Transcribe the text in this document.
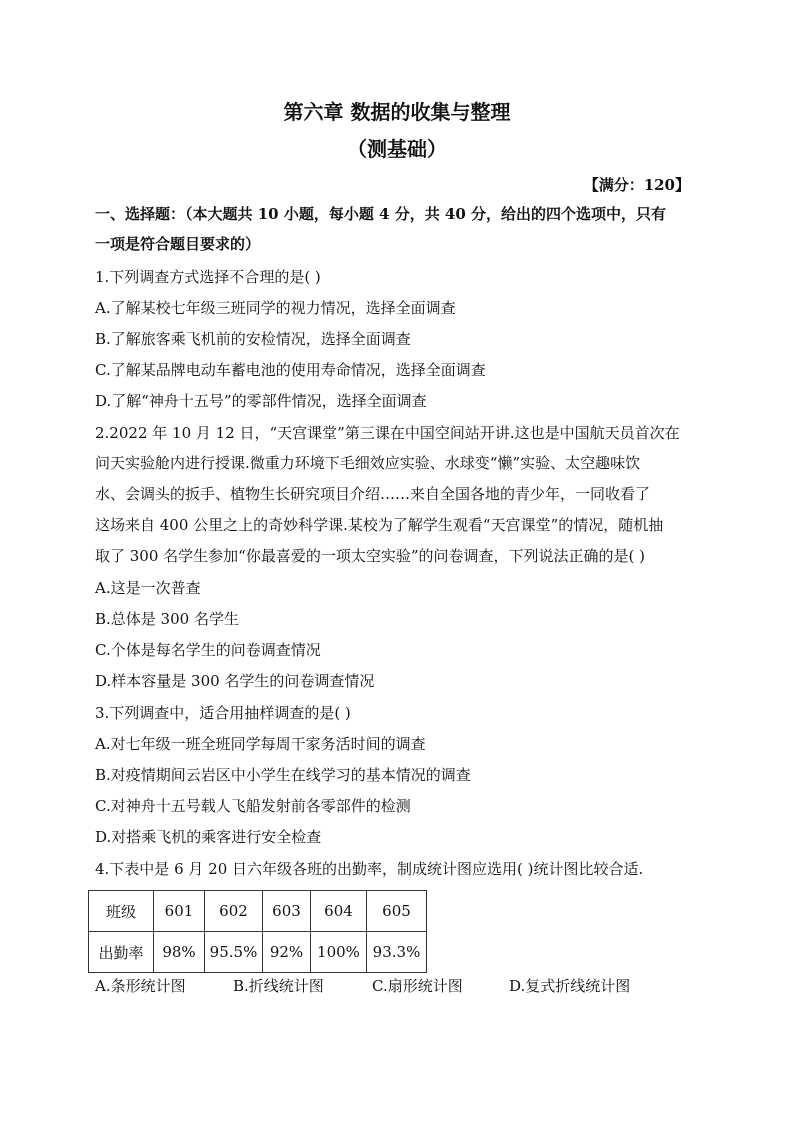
第六章 数据的收集与整理
（测基础）
【满分：120】
一、选择题：（本大题共 10 小题，每小题 4 分，共 40 分，给出的四个选项中，只有
一项是符合题目要求的）
1.下列调查方式选择不合理的是( )
A.了解某校七年级三班同学的视力情况，选择全面调查
B.了解旅客乘飞机前的安检情况，选择全面调查
C.了解某品牌电动车蓄电池的使用寿命情况，选择全面调查
D.了解“神舟十五号”的零部件情况，选择全面调查
2.2022 年 10 月 12 日，“天宫课堂”第三课在中国空间站开讲.这也是中国航天员首次在
问天实验舱内进行授课.微重力环境下毛细效应实验、水球变“懒”实验、太空趣味饮
水、会调头的扳手、植物生长研究项目介绍……来自全国各地的青少年，一同收看了
这场来自 400 公里之上的奇妙科学课.某校为了解学生观看“天宫课堂”的情况，随机抽
取了 300 名学生参加“你最喜爱的一项太空实验”的问卷调查，下列说法正确的是( )
A.这是一次普查
B.总体是 300 名学生
C.个体是每名学生的问卷调查情况
D.样本容量是 300 名学生的问卷调查情况
3.下列调查中，适合用抽样调查的是( )
A.对七年级一班全班同学每周干家务活时间的调查
B.对疫情期间云岩区中小学生在线学习的基本情况的调查
C.对神舟十五号载人飞船发射前各零部件的检测
D.对搭乘飞机的乘客进行安全检查
4.下表中是 6 月 20 日六年级各班的出勤率，制成统计图应选用( )统计图比较合适.
班级	601	602	603	604	605
出勤率	98%	95.5%	92%	100%	93.3%
A.条形统计图	B.折线统计图	C.扇形统计图	D.复式折线统计图
